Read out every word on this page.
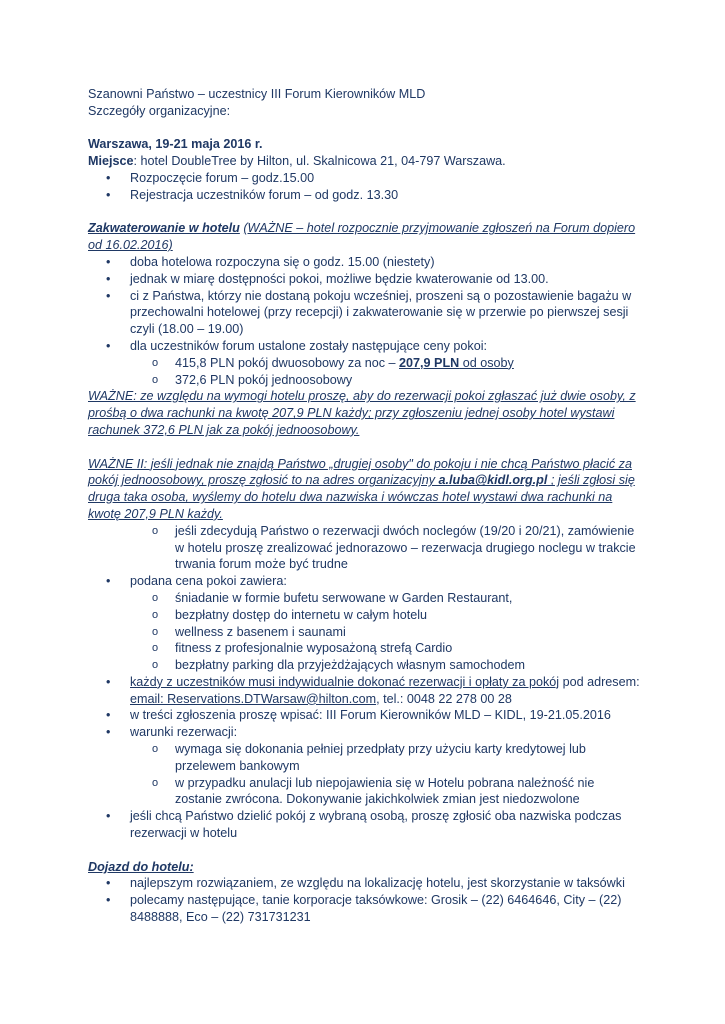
Szanowni Państwo – uczestnicy III Forum Kierowników MLD

Szczegóły organizacyjne:

Warszawa, 19-21 maja 2016 r.

Miejsce: hotel DoubleTree by Hilton, ul. Skalnicowa 21, 04-797 Warszawa.

• Rozpoczęcie forum – godz.15.00
• Rejestracja uczestników forum – od godz. 13.30

Zakwaterowanie w hotelu (WAŻNE – hotel rozpocznie przyjmowanie zgłoszeń na Forum dopiero od 16.02.2016)

• doba hotelowa rozpoczyna się o godz. 15.00 (niestety)
• jednak w miarę dostępności pokoi, możliwe będzie kwaterowanie od 13.00.
• ci z Państwa, którzy nie dostaną pokoju wcześniej, proszeni są o pozostawienie bagażu w przechowalni hotelowej (przy recepcji) i zakwaterowanie się w przerwie po pierwszej sesji czyli (18.00 – 19.00)
• dla uczestników forum ustalone zostały następujące ceny pokoi:
o 415,8 PLN pokój dwuosobowy za noc – 207,9 PLN od osoby
o 372,6 PLN pokój jednoosobowy

WAŻNE: ze względu na wymogi hotelu proszę, aby do rezerwacji pokoi zgłaszać już dwie osoby, z prośbą o dwa rachunki na kwotę 207,9 PLN każdy; przy zgłoszeniu jednej osoby hotel wystawi rachunek 372,6 PLN jak za pokój jednoosobowy.

WAŻNE II: jeśli jednak nie znajdą Państwo „drugiej osoby" do pokoju i nie chcą Państwo płacić za pokój jednoosobowy, proszę zgłosić to na adres organizacyjny a.luba@kidl.org.pl ; jeśli zgłosi się druga taka osoba, wyślemy do hotelu dwa nazwiska i wówczas hotel wystawi dwa rachunki na kwotę 207,9 PLN każdy.

o jeśli zdecydują Państwo o rezerwacji dwóch noclegów (19/20 i 20/21), zamówienie w hotelu proszę zrealizować jednorazowo – rezerwacja drugiego noclegu w trakcie trwania forum może być trudne
• podana cena pokoi zawiera:
o śniadanie w formie bufetu serwowane w Garden Restaurant,
o bezpłatny dostęp do internetu w całym hotelu
o wellness z basenem i saunami
o fitness z profesjonalnie wyposażoną strefą Cardio
o bezpłatny parking dla przyjeżdżających własnym samochodem
• każdy z uczestników musi indywidualnie dokonać rezerwacji i opłaty za pokój pod adresem:
email: Reservations.DTWarsaw@hilton.com, tel.: 0048 22 278 00 28
• w treści zgłoszenia proszę wpisać: III Forum Kierowników MLD – KIDL, 19-21.05.2016
• warunki rezerwacji:
o wymaga się dokonania pełniej przedpłaty przy użyciu karty kredytowej lub przelewem bankowym
o w przypadku anulacji lub niepojawienia się w Hotelu pobrana należność nie zostanie zwrócona. Dokonywanie jakichkolwiek zmian jest niedozwolone
• jeśli chcą Państwo dzielić pokój z wybraną osobą, proszę zgłosić oba nazwiska podczas rezerwacji w hotelu

Dojazd do hotelu:

• najlepszym rozwiązaniem, ze względu na lokalizację hotelu, jest skorzystanie w taksówki
• polecamy następujące, tanie korporacje taksówkowe: Grosik – (22) 6464646, City – (22) 8488888, Eco – (22) 731731231
